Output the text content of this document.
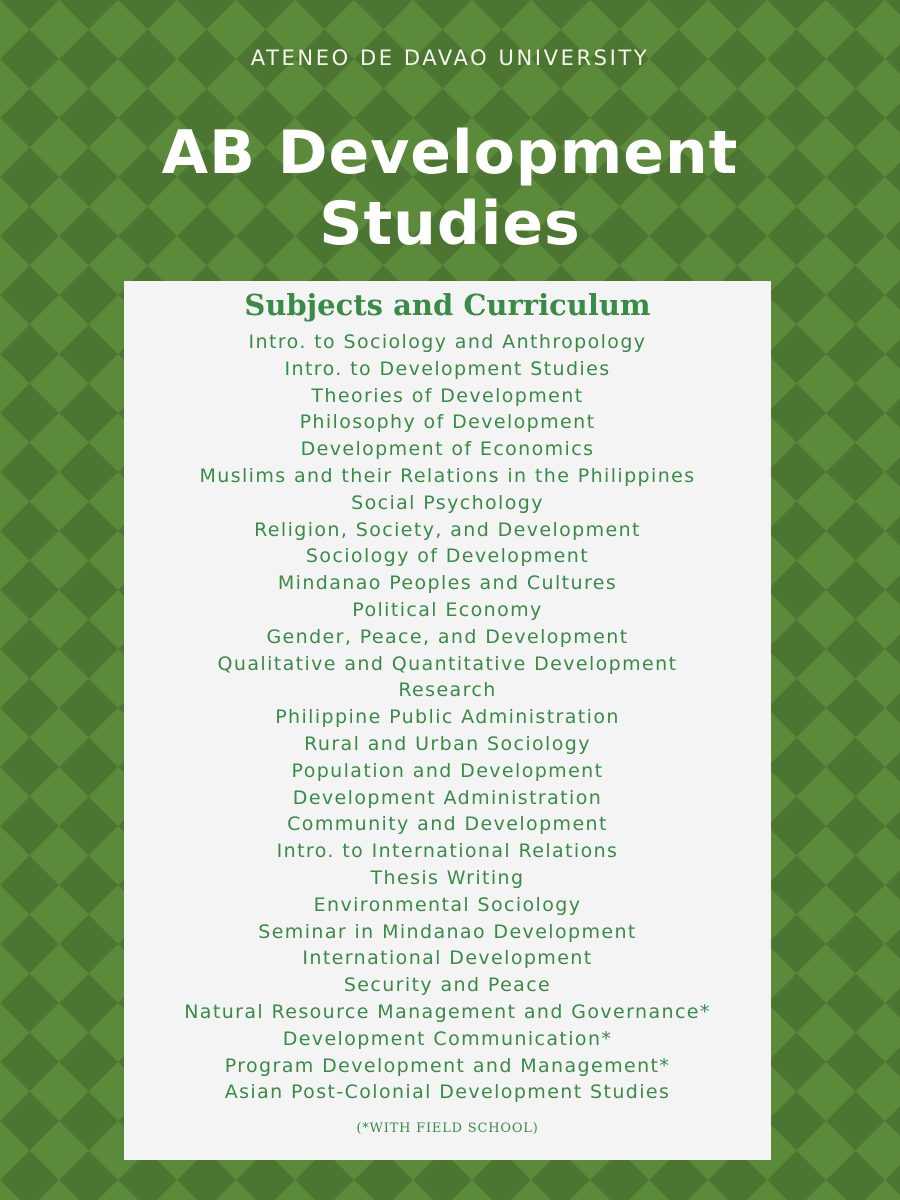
ATENEO DE DAVAO UNIVERSITY
AB Development
Studies
Subjects and Curriculum
Intro. to Sociology and Anthropology
Intro. to Development Studies
Theories of Development
Philosophy of Development
Development of Economics
Muslims and their Relations in the Philippines
Social Psychology
Religion, Society, and Development
Sociology of Development
Mindanao Peoples and Cultures
Political Economy
Gender, Peace, and Development
Qualitative and Quantitative Development
Research
Philippine Public Administration
Rural and Urban Sociology
Population and Development
Development Administration
Community and Development
Intro. to International Relations
Thesis Writing
Environmental Sociology
Seminar in Mindanao Development
International Development
Security and Peace
Natural Resource Management and Governance*
Development Communication*
Program Development and Management*
Asian Post-Colonial Development Studies
(*WITH FIELD SCHOOL)
